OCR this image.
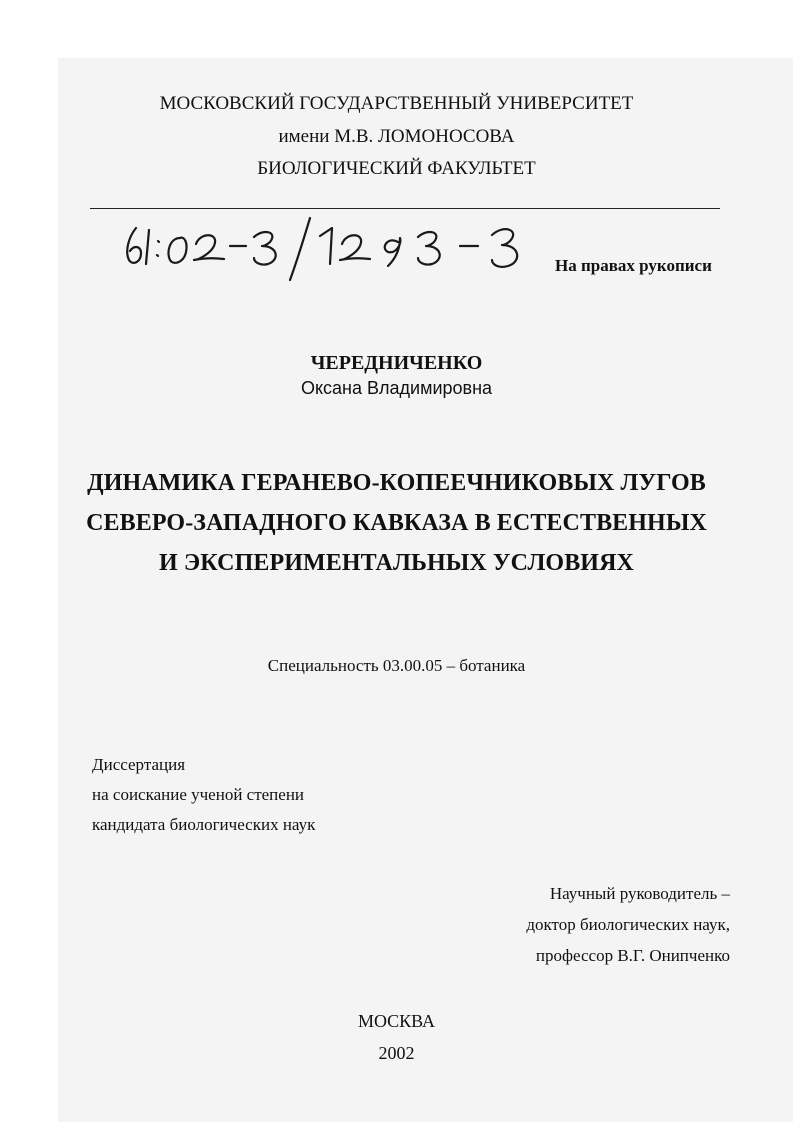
МОСКОВСКИЙ ГОСУДАРСТВЕННЫЙ УНИВЕРСИТЕТ
имени М.В. ЛОМОНОСОВА
БИОЛОГИЧЕСКИЙ ФАКУЛЬТЕТ
На правах рукописи
ЧЕРЕДНИЧЕНКО
Оксана Владимировна
ДИНАМИКА ГЕРАНЕВО-КОПЕЕЧНИКОВЫХ ЛУГОВ
СЕВЕРО-ЗАПАДНОГО КАВКАЗА В ЕСТЕСТВЕННЫХ
И ЭКСПЕРИМЕНТАЛЬНЫХ УСЛОВИЯХ
Специальность 03.00.05 – ботаника
Диссертация
на соискание ученой степени
кандидата биологических наук
Научный руководитель –
доктор биологических наук,
профессор В.Г. Онипченко
МОСКВА
2002
